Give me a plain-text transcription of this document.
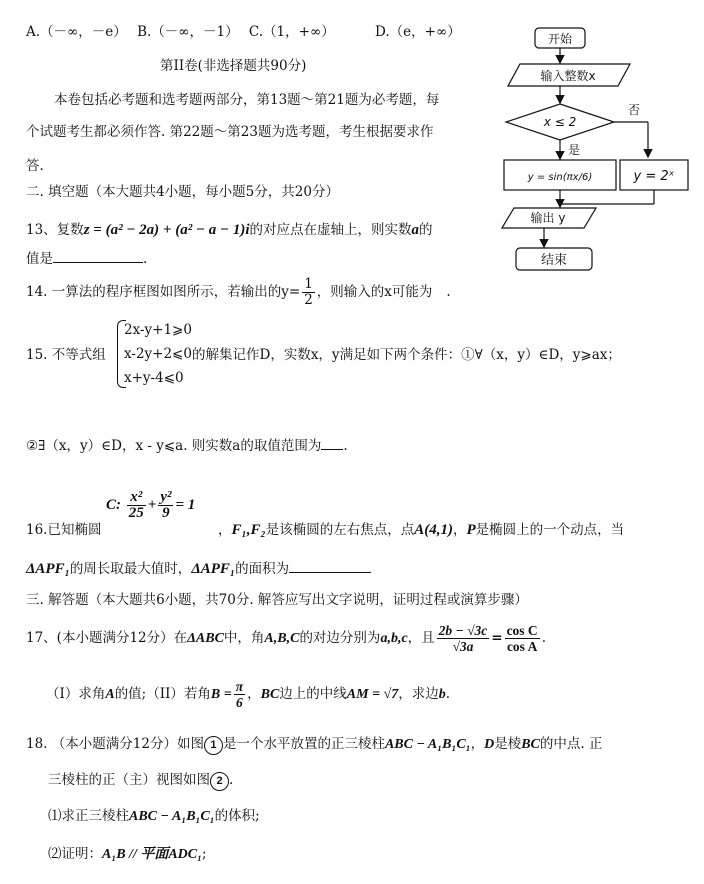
A.（－∞，－e） B.（－∞，－1） C.（1，+∞）	D.（e，+∞）
第II卷(非选择题共90分)
本卷包括必考题和选考题两部分，第13题～第21题为必考题，每
个试题考生都必须作答. 第22题～第23题为选考题，考生根据要求作
答.
二. 填空题（本大题共4小题，每小题5分，共20分）
13、复数z = (a² − 2a) + (a² − a − 1)i的对应点在虚轴上，则实数a的
值是	.
14. 一算法的程序框图如图所示，若输出的$y= \frac{1}{2}$ ，则输入的x可能为 .
15. 不等式组
2x-y+1⩾0
x-2y+2⩽0
x+y-4⩽0
的解集记作D，实数x，y满足如下两个条件：①∀（x，y）∈D，y⩾ax；
②∃（x，y）∈D，x - y⩽a. 则实数a的取值范围为 .
16.已知椭圆
C: $\frac{\text{x²}}{25} + \frac{\text{y²}}{9} = 1$
，F₁,F₂是该椭圆的左右焦点，点A(4,1)，P是椭圆上的一个动点，当
ΔAPF₁的周长取最大值时，ΔAPF₁的面积为
三. 解答题（本大题共6小题，共70分. 解答应写出文字说明，证明过程或演算步骤）
17、(本小题满分12分）在ΔABC中，角A,B,C的对边分别为a,b,c，且 $\frac{2b - √3c}{√3a} = \frac{\text{cos C}}{\text{cos A}}$ .
（I）求角A的值;（II）若角$B = \frac{\pi}{6}$ ，BC边上的中线AM = √7，求边b.
18. （本小题满分12分）如图 1 是一个水平放置的正三棱柱ABC − A₁B₁C₁，D是棱BC的中点. 正
三棱柱的正（主）视图如图 2 .
⑴求正三棱柱ABC − A₁B₁C₁的体积;
⑵证明：A₁B // 平面ADC₁;
开始
输入整数x
x ≤ 2
否
是
y = sin(πx/6)	y = 2ˣ
输出 y
结束
